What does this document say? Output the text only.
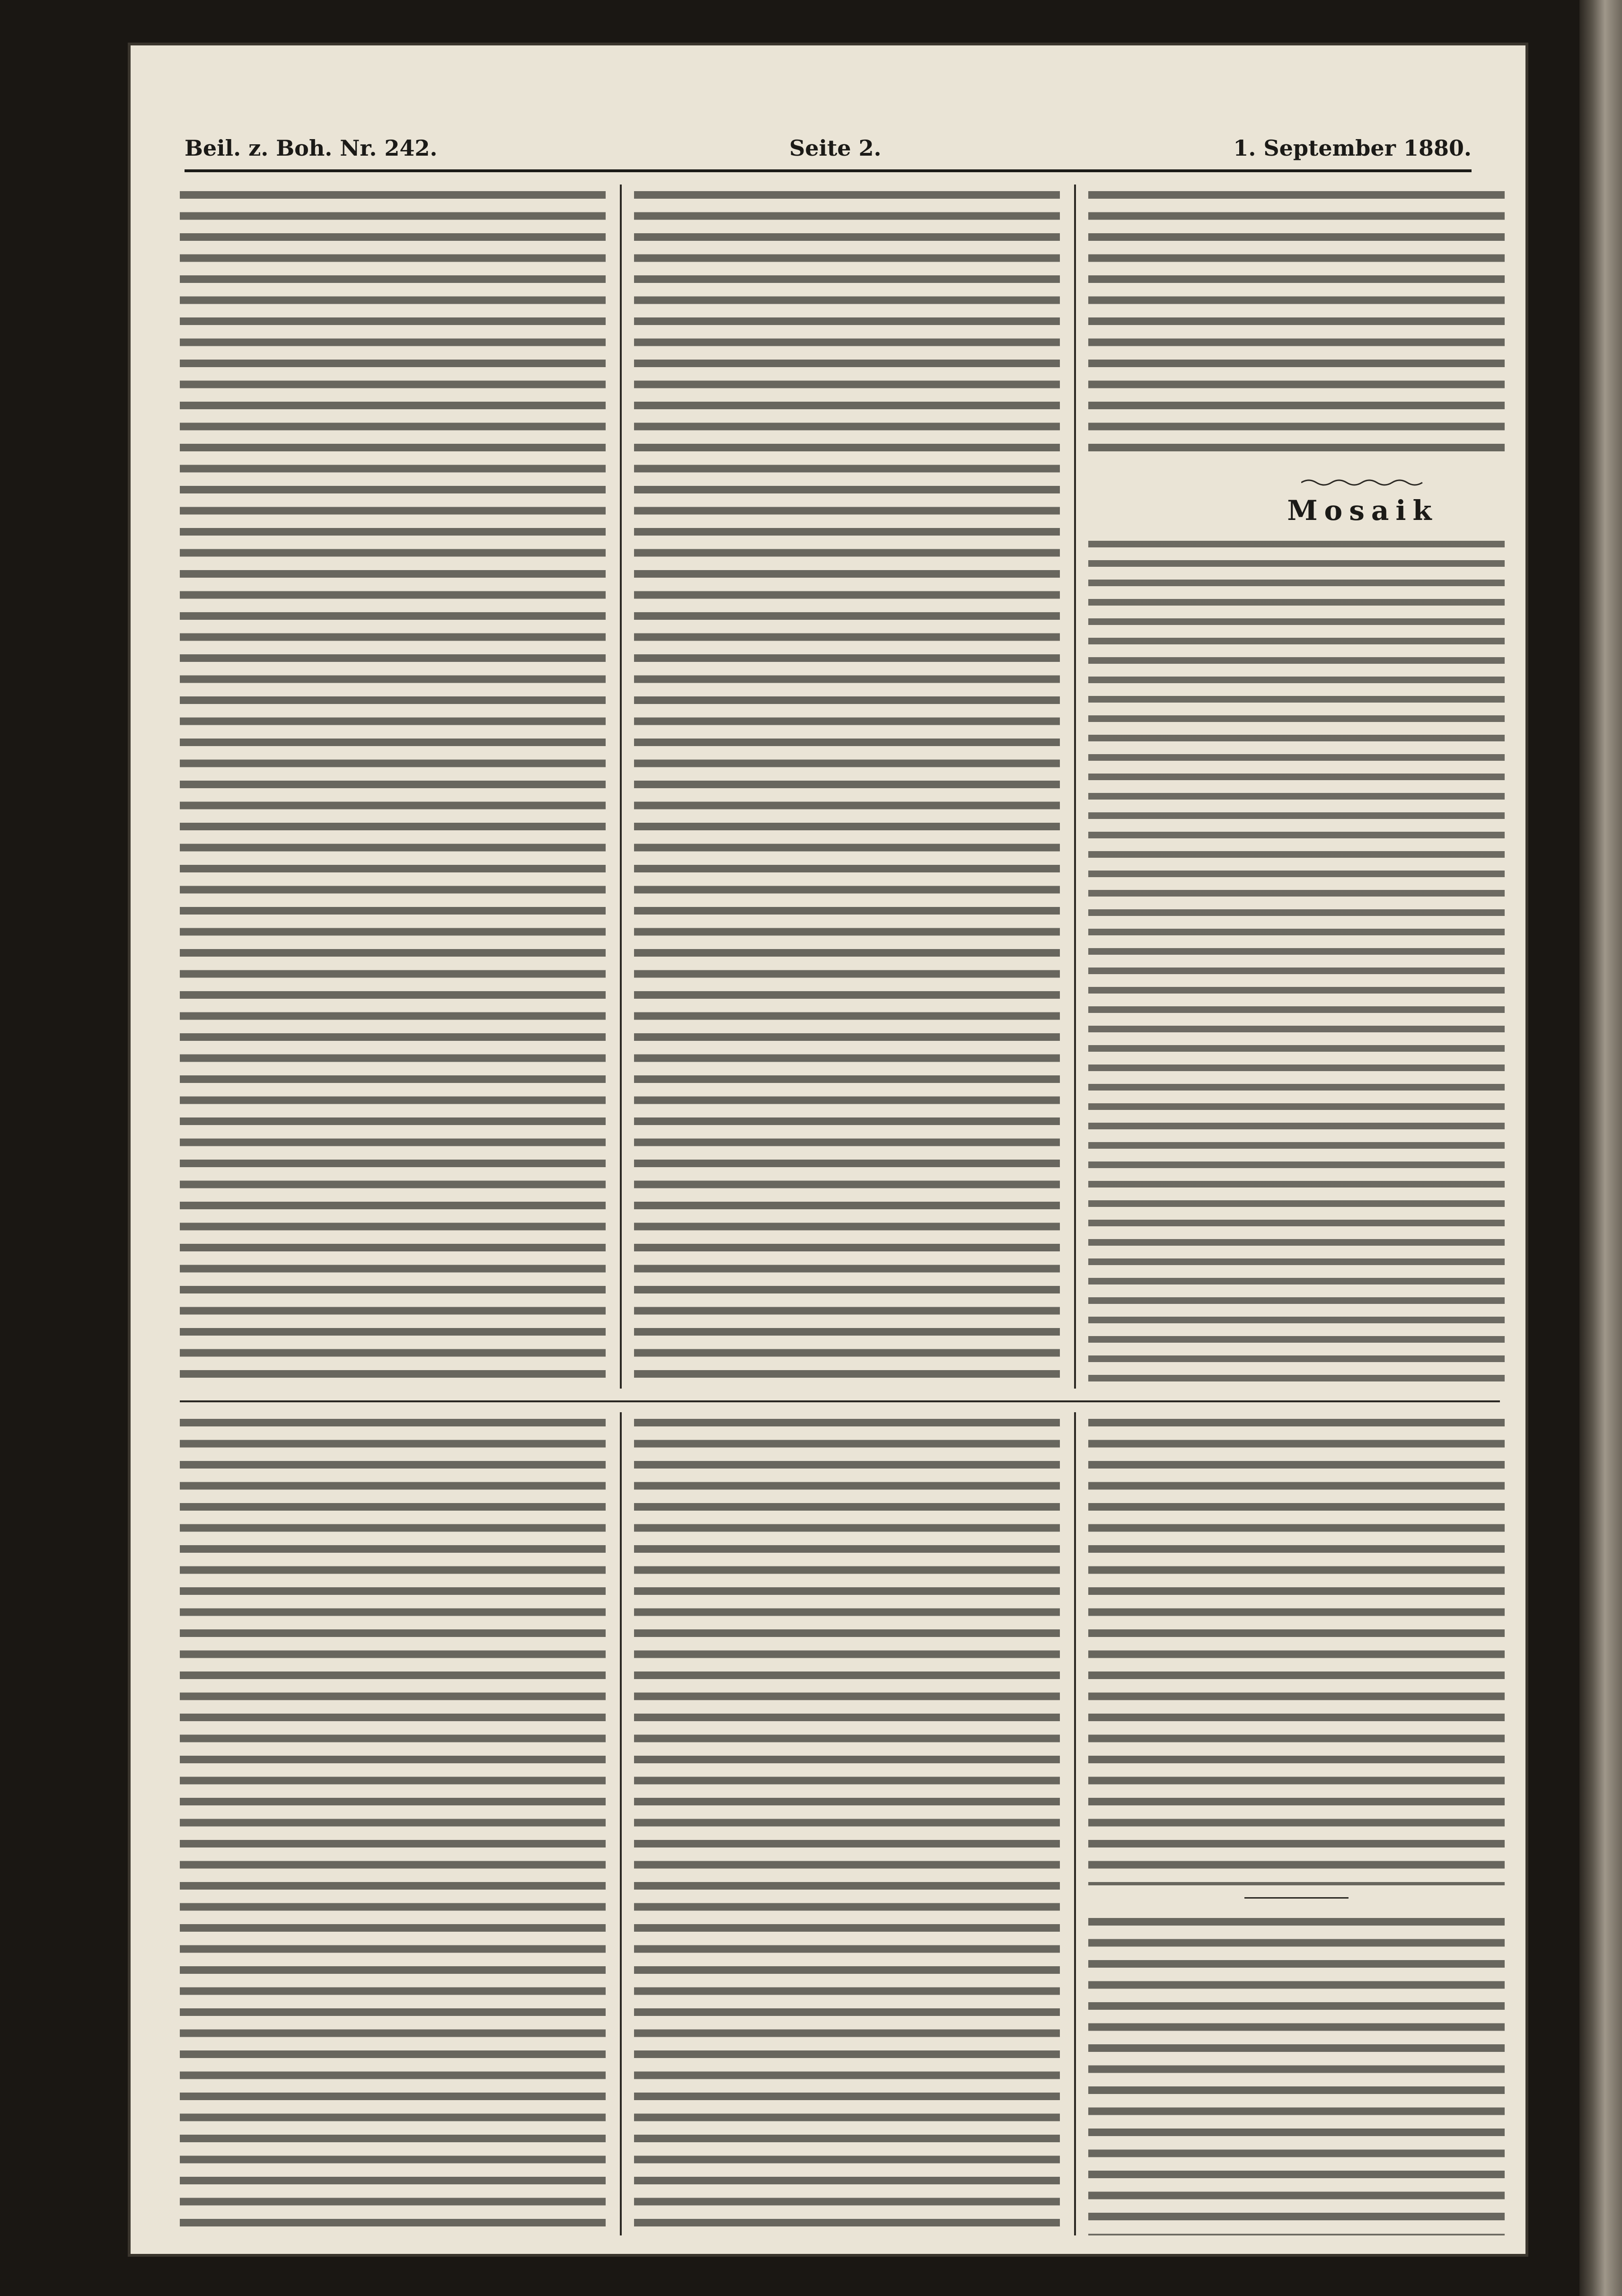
Beil. z. Boh. Nr. 242.	Seite 2.	1. September 1880.
Mosaik
